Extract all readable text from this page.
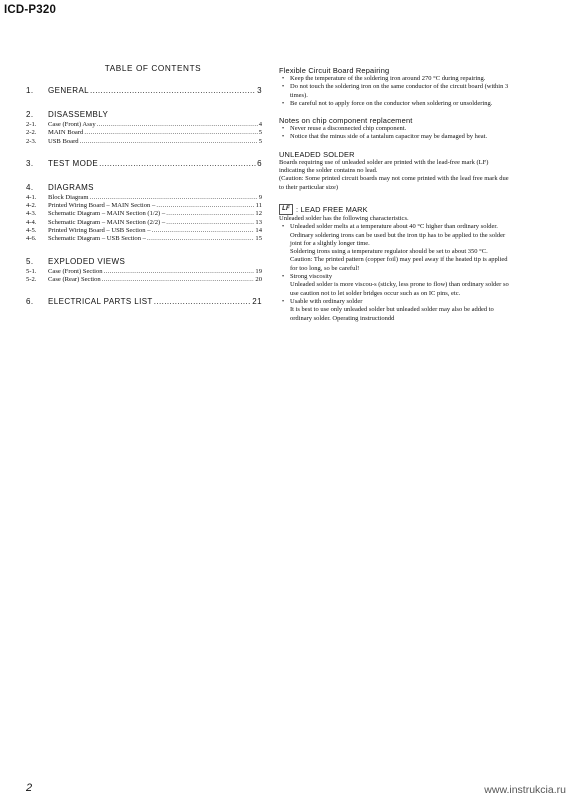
ICD-P320
TABLE OF CONTENTS
1.	GENERAL .....	3
2.	DISASSEMBLY
2-1.	Case (Front) Assy .....	4
2-2.	MAIN Board .....	5
2-3.	USB Board .....	5
3.	TEST MODE .....	6
4.	DIAGRAMS
4-1.	Block Diagram .....	9
4-2.	Printed Wiring Board – MAIN Section – .....	11
4-3.	Schematic Diagram – MAIN Section (1/2) – .....	12
4-4.	Schematic Diagram – MAIN Section (2/2) – .....	13
4-5.	Printed Wiring Board – USB Section – .....	14
4-6.	Schematic Diagram – USB Section – .....	15
5.	EXPLODED VIEWS
5-1.	Case (Front) Section .....	19
5-2.	Case (Rear) Section .....	20
6.	ELECTRICAL PARTS LIST .....	21
Flexible Circuit Board Repairing
• Keep the temperature of the soldering iron around 270 °C during repairing.
• Do not touch the soldering iron on the same conductor of the circuit board (within 3 times).
• Be careful not to apply force on the conductor when soldering or unsoldering.
Notes on chip component replacement
• Never reuse a disconnected chip component.
• Notice that the minus side of a tantalum capacitor may be damaged by heat.
UNLEADED SOLDER
Boards requiring use of unleaded solder are printed with the lead-free mark (LF) indicating the solder contains no lead.
(Caution: Some printed circuit boards may not come printed with the lead free mark due to their particular size)
LF : LEAD FREE MARK
Unleaded solder has the following characteristics.
• Unleaded solder melts at a temperature about 40 °C higher than ordinary solder.
Ordinary soldering irons can be used but the iron tip has to be applied to the solder joint for a slightly longer time.
Soldering irons using a temperature regulator should be set to about 350 °C.
Caution: The printed pattern (copper foil) may peel away if the heated tip is applied for too long, so be careful!
• Strong viscosity
Unleaded solder is more viscou-s (sticky, less prone to flow) than ordinary solder so use caution not to let solder bridges occur such as on IC pins, etc.
• Usable with ordinary solder
It is best to use only unleaded solder but unleaded solder may also be added to ordinary solder. Operating instructiondd
2	www.instrukcia.ru
